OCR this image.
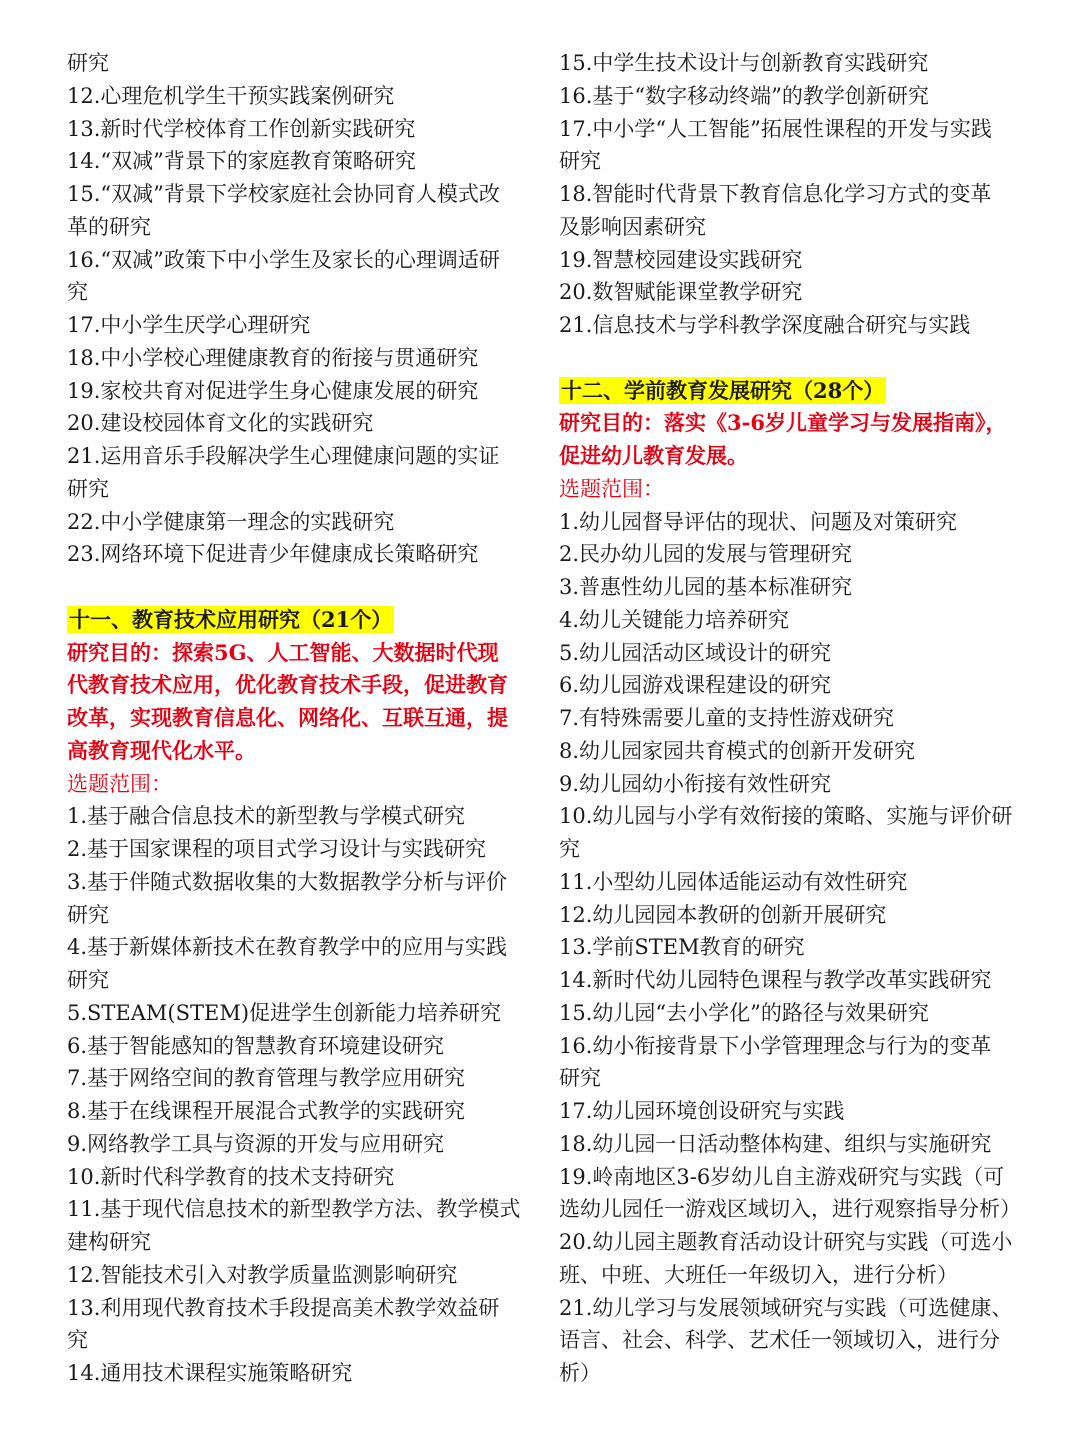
研究
12.心理危机学生干预实践案例研究
13.新时代学校体育工作创新实践研究
14.“双减”背景下的家庭教育策略研究
15.“双减”背景下学校家庭社会协同育人模式改
革的研究
16.“双减”政策下中小学生及家长的心理调适研
究
17.中小学生厌学心理研究
18.中小学校心理健康教育的衔接与贯通研究
19.家校共育对促进学生身心健康发展的研究
20.建设校园体育文化的实践研究
21.运用音乐手段解决学生心理健康问题的实证
研究
22.中小学健康第一理念的实践研究
23.网络环境下促进青少年健康成长策略研究
十一、教育技术应用研究（21个）
研究目的：探索5G、人工智能、大数据时代现
代教育技术应用，优化教育技术手段，促进教育
改革，实现教育信息化、网络化、互联互通，提
高教育现代化水平。
选题范围：
1.基于融合信息技术的新型教与学模式研究
2.基于国家课程的项目式学习设计与实践研究
3.基于伴随式数据收集的大数据教学分析与评价
研究
4.基于新媒体新技术在教育教学中的应用与实践
研究
5.STEAM(STEM)促进学生创新能力培养研究
6.基于智能感知的智慧教育环境建设研究
7.基于网络空间的教育管理与教学应用研究
8.基于在线课程开展混合式教学的实践研究
9.网络教学工具与资源的开发与应用研究
10.新时代科学教育的技术支持研究
11.基于现代信息技术的新型教学方法、教学模式
建构研究
12.智能技术引入对教学质量监测影响研究
13.利用现代教育技术手段提高美术教学效益研
究
14.通用技术课程实施策略研究
15.中学生技术设计与创新教育实践研究
16.基于“数字移动终端”的教学创新研究
17.中小学“人工智能”拓展性课程的开发与实践
研究
18.智能时代背景下教育信息化学习方式的变革
及影响因素研究
19.智慧校园建设实践研究
20.数智赋能课堂教学研究
21.信息技术与学科教学深度融合研究与实践
十二、学前教育发展研究（28个）
研究目的：落实《3-6岁儿童学习与发展指南》，
促进幼儿教育发展。
选题范围：
1.幼儿园督导评估的现状、问题及对策研究
2.民办幼儿园的发展与管理研究
3.普惠性幼儿园的基本标准研究
4.幼儿关键能力培养研究
5.幼儿园活动区域设计的研究
6.幼儿园游戏课程建设的研究
7.有特殊需要儿童的支持性游戏研究
8.幼儿园家园共育模式的创新开发研究
9.幼儿园幼小衔接有效性研究
10.幼儿园与小学有效衔接的策略、实施与评价研
究
11.小型幼儿园体适能运动有效性研究
12.幼儿园园本教研的创新开展研究
13.学前STEM教育的研究
14.新时代幼儿园特色课程与教学改革实践研究
15.幼儿园“去小学化”的路径与效果研究
16.幼小衔接背景下小学管理理念与行为的变革
研究
17.幼儿园环境创设研究与实践
18.幼儿园一日活动整体构建、组织与实施研究
19.岭南地区3-6岁幼儿自主游戏研究与实践（可
选幼儿园任一游戏区域切入，进行观察指导分析）
20.幼儿园主题教育活动设计研究与实践（可选小
班、中班、大班任一年级切入，进行分析）
21.幼儿学习与发展领域研究与实践（可选健康、
语言、社会、科学、艺术任一领域切入，进行分
析）
